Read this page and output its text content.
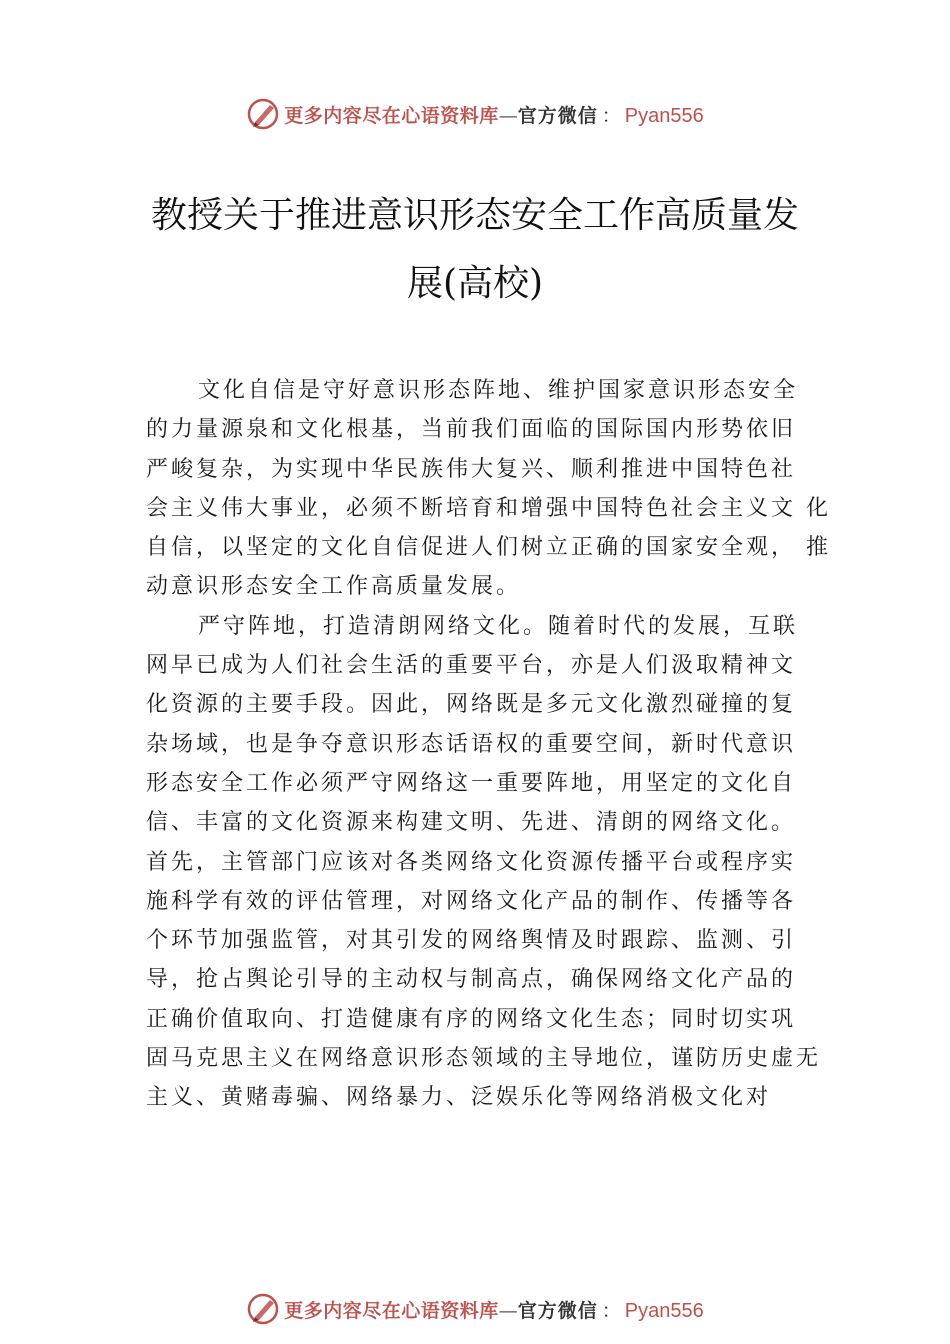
更多内容尽在心语资料库 — 官方微信 ： Pyan556
教授关于推进意识形态安全工作高质量发
展(高校)
文化自信是守好意识形态阵地、维护国家意识形态安全
的力量源泉和文化根基，当前我们面临的国际国内形势依旧
严峻复杂，为实现中华民族伟大复兴、顺利推进中国特色社
会主义伟大事业，必须不断培育和增强中国特色社会主义文 化
自信，以坚定的文化自信促进人们树立正确的国家安全观， 推
动意识形态安全工作高质量发展。
严守阵地，打造清朗网络文化。随着时代的发展，互联
网早已成为人们社会生活的重要平台，亦是人们汲取精神文
化资源的主要手段。因此，网络既是多元文化激烈碰撞的复
杂场域，也是争夺意识形态话语权的重要空间，新时代意识
形态安全工作必须严守网络这一重要阵地，用坚定的文化自
信、丰富的文化资源来构建文明、先进、清朗的网络文化。
首先，主管部门应该对各类网络文化资源传播平台或程序实
施科学有效的评估管理，对网络文化产品的制作、传播等各
个环节加强监管，对其引发的网络舆情及时跟踪、监测、引
导，抢占舆论引导的主动权与制高点，确保网络文化产品的
正确价值取向、打造健康有序的网络文化生态；同时切实巩
固马克思主义在网络意识形态领域的主导地位，谨防历史虚无
主义、黄赌毒骗、网络暴力、泛娱乐化等网络消极文化对
更多内容尽在心语资料库 — 官方微信 ： Pyan556
